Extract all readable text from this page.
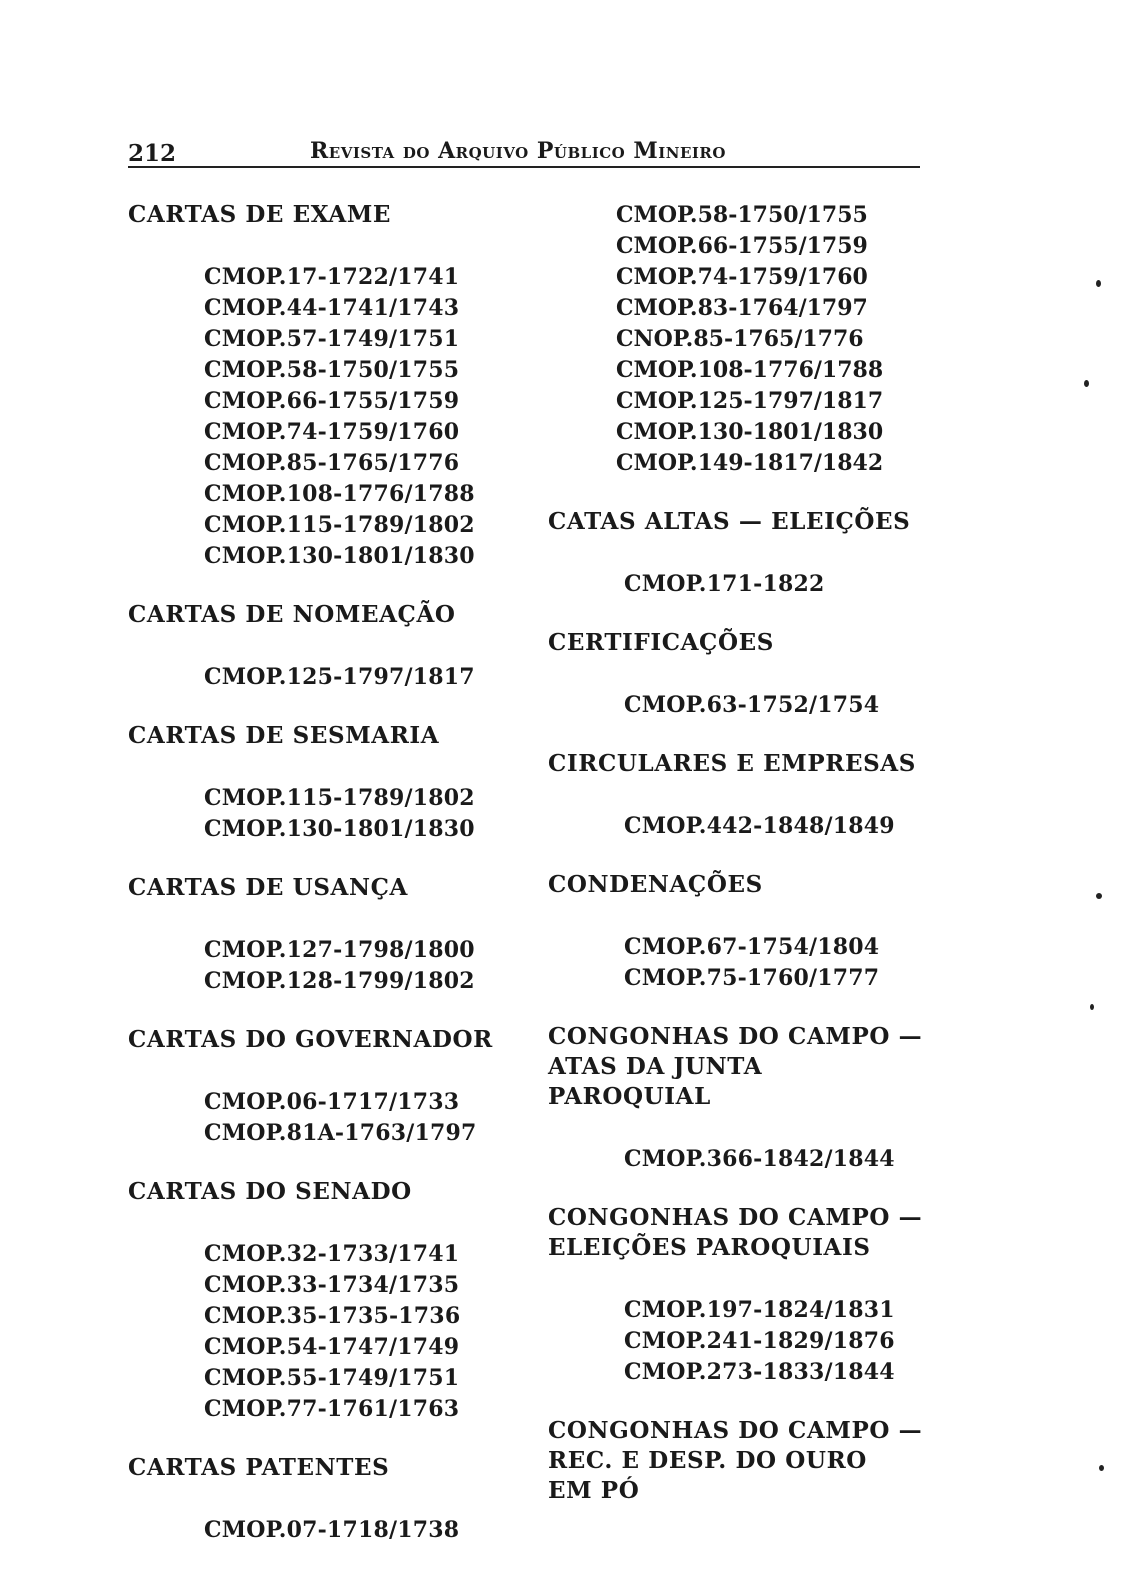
212	Revista do Arquivo Público Mineiro
CARTAS DE EXAME
CMOP.17-1722/1741
CMOP.44-1741/1743
CMOP.57-1749/1751
CMOP.58-1750/1755
CMOP.66-1755/1759
CMOP.74-1759/1760
CMOP.85-1765/1776
CMOP.108-1776/1788
CMOP.115-1789/1802
CMOP.130-1801/1830
CARTAS DE NOMEAÇÃO
CMOP.125-1797/1817
CARTAS DE SESMARIA
CMOP.115-1789/1802
CMOP.130-1801/1830
CARTAS DE USANÇA
CMOP.127-1798/1800
CMOP.128-1799/1802
CARTAS DO GOVERNADOR
CMOP.06-1717/1733
CMOP.81A-1763/1797
CARTAS DO SENADO
CMOP.32-1733/1741
CMOP.33-1734/1735
CMOP.35-1735-1736
CMOP.54-1747/1749
CMOP.55-1749/1751
CMOP.77-1761/1763
CARTAS PATENTES
CMOP.07-1718/1738
CMOP.58-1750/1755
CMOP.66-1755/1759
CMOP.74-1759/1760
CMOP.83-1764/1797
CNOP.85-1765/1776
CMOP.108-1776/1788
CMOP.125-1797/1817
CMOP.130-1801/1830
CMOP.149-1817/1842
CATAS ALTAS — ELEIÇÕES
CMOP.171-1822
CERTIFICAÇÕES
CMOP.63-1752/1754
CIRCULARES E EMPRESAS
CMOP.442-1848/1849
CONDENAÇÕES
CMOP.67-1754/1804
CMOP.75-1760/1777
CONGONHAS DO CAMPO —
ATAS DA JUNTA
PAROQUIAL
CMOP.366-1842/1844
CONGONHAS DO CAMPO —
ELEIÇÕES PAROQUIAIS
CMOP.197-1824/1831
CMOP.241-1829/1876
CMOP.273-1833/1844
CONGONHAS DO CAMPO —
REC. E DESP. DO OURO
EM PÓ
